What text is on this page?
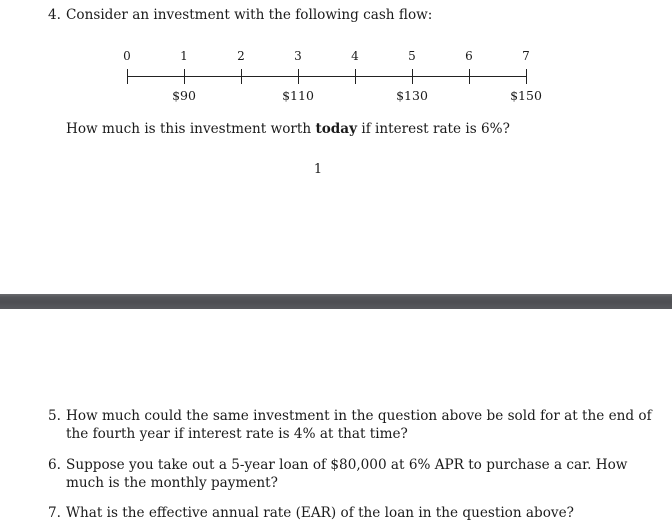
4. Consider an investment with the following cash flow:
0	1	2	3	4	5	6	7
$90	$110	$130	$150
How much is this investment worth today if interest rate is 6%?
1
5. How much could the same investment in the question above be sold for at the end of
the fourth year if interest rate is 4% at that time?
6. Suppose you take out a 5-year loan of $80,000 at 6% APR to purchase a car. How
much is the monthly payment?
7. What is the effective annual rate (EAR) of the loan in the question above?
